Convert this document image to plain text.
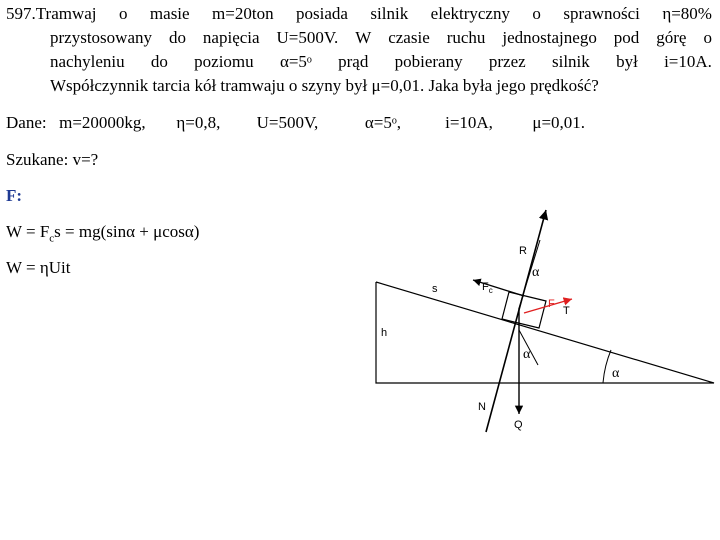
597.Tramwaj o masie m=20ton posiada silnik elektryczny o sprawności η=80%
przystosowany do napięcia U=500V. W czasie ruchu jednostajnego pod górę o
nachyleniu do poziomu α=5ᵒ prąd pobierany przez silnik był i=10A.
Współczynnik tarcia kół tramwaju o szyny był μ=0,01. Jaka była jego prędkość?
Dane: m=20000kg, η=0,8, U=500V,	α=5ᵒ,	i=10A, μ=0,01.
Szukane: v=?
F:
$W = F_cs = mg(\sin\alpha + \mu\cos\alpha)$
W = ηUit
R
s	$F_c$
F
T
h
N
Q
α
α
α
